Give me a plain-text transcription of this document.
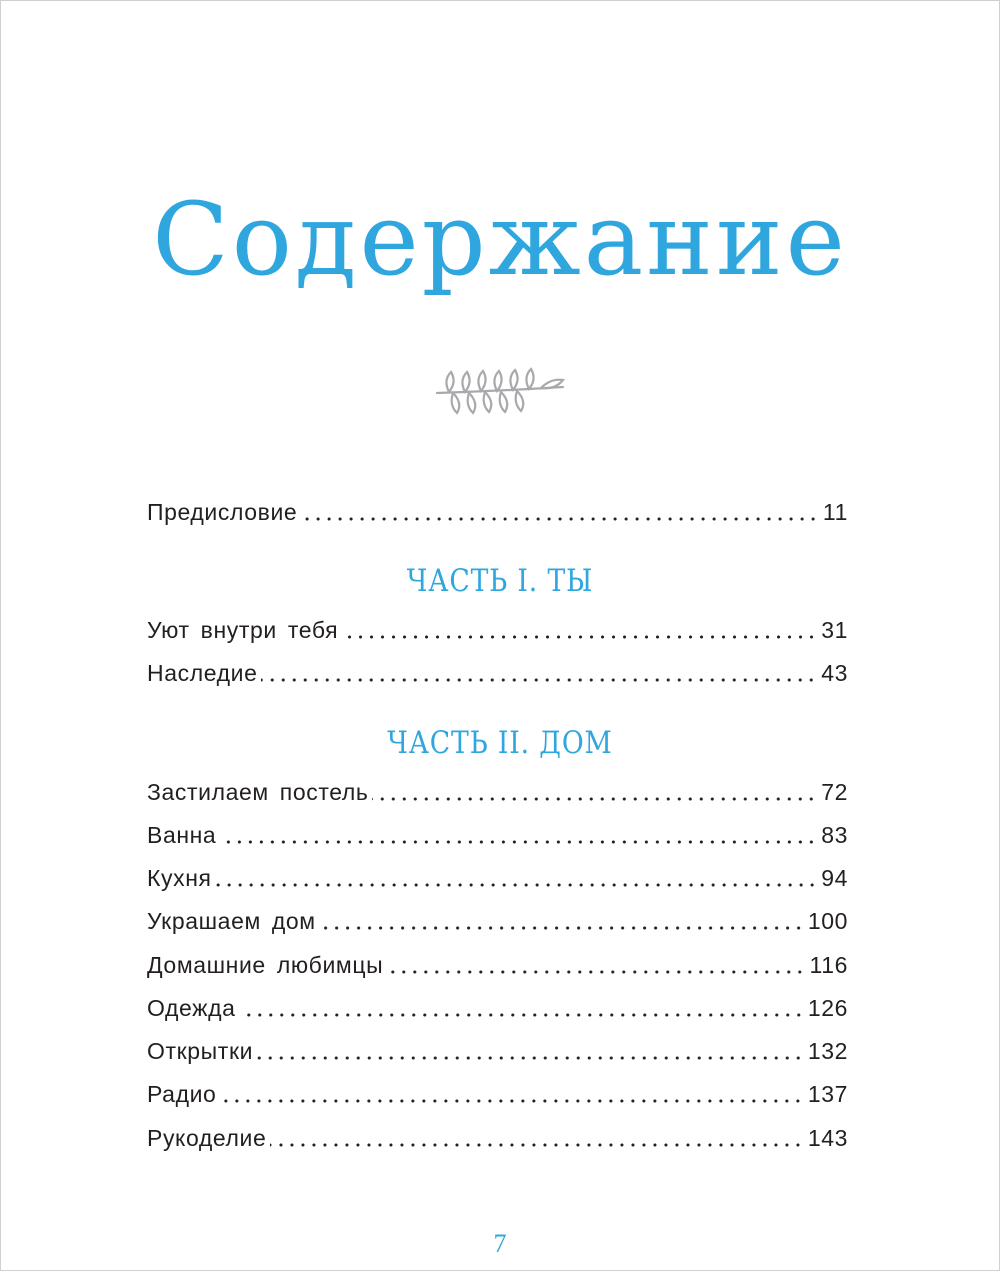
Содержание
Предисловие	11
ЧАСТЬ I. ТЫ
Уют внутри тебя	31
Наследие	43
ЧАСТЬ II. ДОМ
Застилаем постель	72
Ванна	83
Кухня	94
Украшаем дом	100
Домашние любимцы	116
Одежда	126
Открытки	132
Радио	137
Рукоделие	143
7
